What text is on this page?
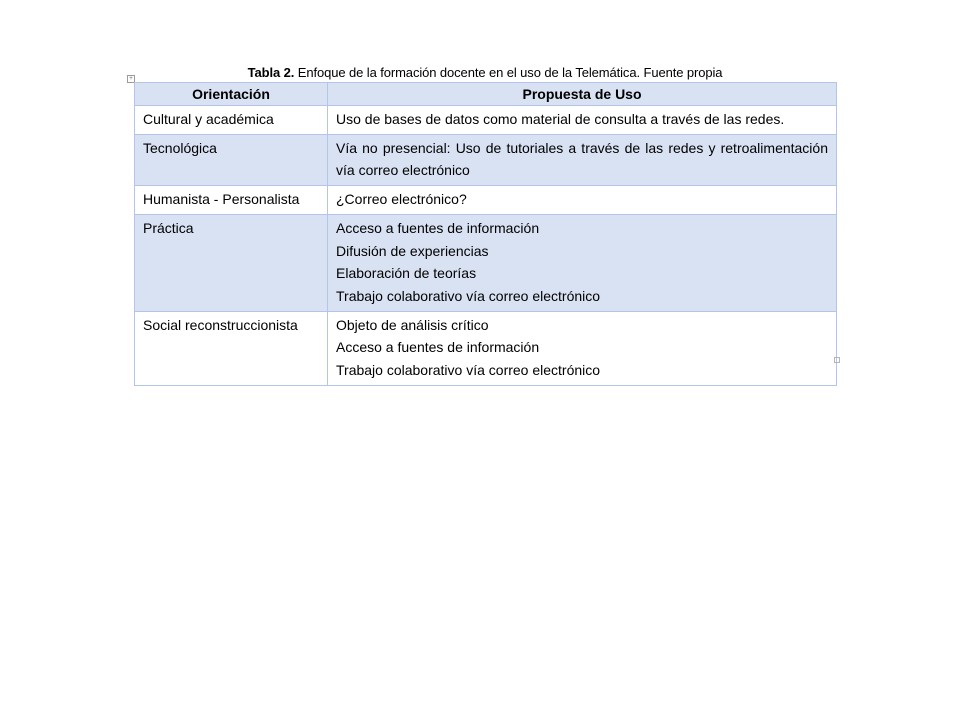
Tabla 2. Enfoque de la formación docente en el uso de la Telemática. Fuente propia
+
Orientación	Propuesta de Uso
Cultural y académica	Uso de bases de datos como material de consulta a través de las redes.

Tecnológica	Vía no presencial: Uso de tutoriales a través de las redes y retroalimentación vía correo electrónico
Humanista - Personalista	¿Correo electrónico?

Práctica	Acceso a fuentes de información
Difusión de experiencias
Elaboración de teorías
Trabajo colaborativo vía correo electrónico

Social reconstruccionista	Objeto de análisis crítico
Acceso a fuentes de información
Trabajo colaborativo vía correo electrónico
